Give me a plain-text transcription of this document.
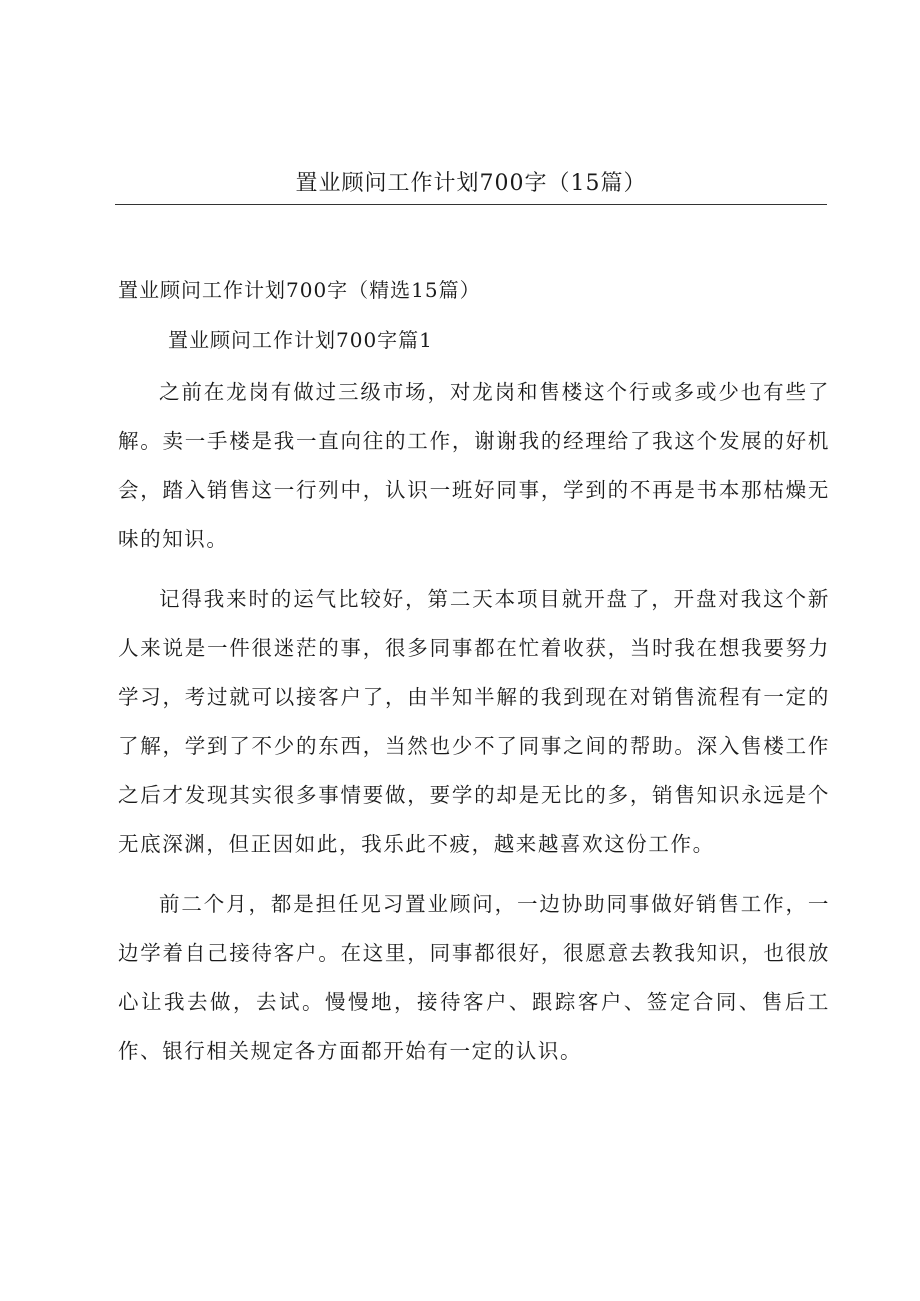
置业顾问工作计划700字（15篇）

置业顾问工作计划700字（精选15篇）

置业顾问工作计划700字篇1

之前在龙岗有做过三级市场，对龙岗和售楼这个行或多或少也有些了解。卖一手楼是我一直向往的工作，谢谢我的经理给了我这个发展的好机会，踏入销售这一行列中，认识一班好同事，学到的不再是书本那枯燥无味的知识。

记得我来时的运气比较好，第二天本项目就开盘了，开盘对我这个新人来说是一件很迷茫的事，很多同事都在忙着收获，当时我在想我要努力学习，考过就可以接客户了，由半知半解的我到现在对销售流程有一定的了解，学到了不少的东西，当然也少不了同事之间的帮助。深入售楼工作之后才发现其实很多事情要做，要学的却是无比的多，销售知识永远是个无底深渊，但正因如此，我乐此不疲，越来越喜欢这份工作。

前二个月，都是担任见习置业顾问，一边协助同事做好销售工作，一边学着自己接待客户。在这里，同事都很好，很愿意去教我知识，也很放心让我去做，去试。慢慢地，接待客户、跟踪客户、签定合同、售后工作、银行相关规定各方面都开始有一定的认识。
